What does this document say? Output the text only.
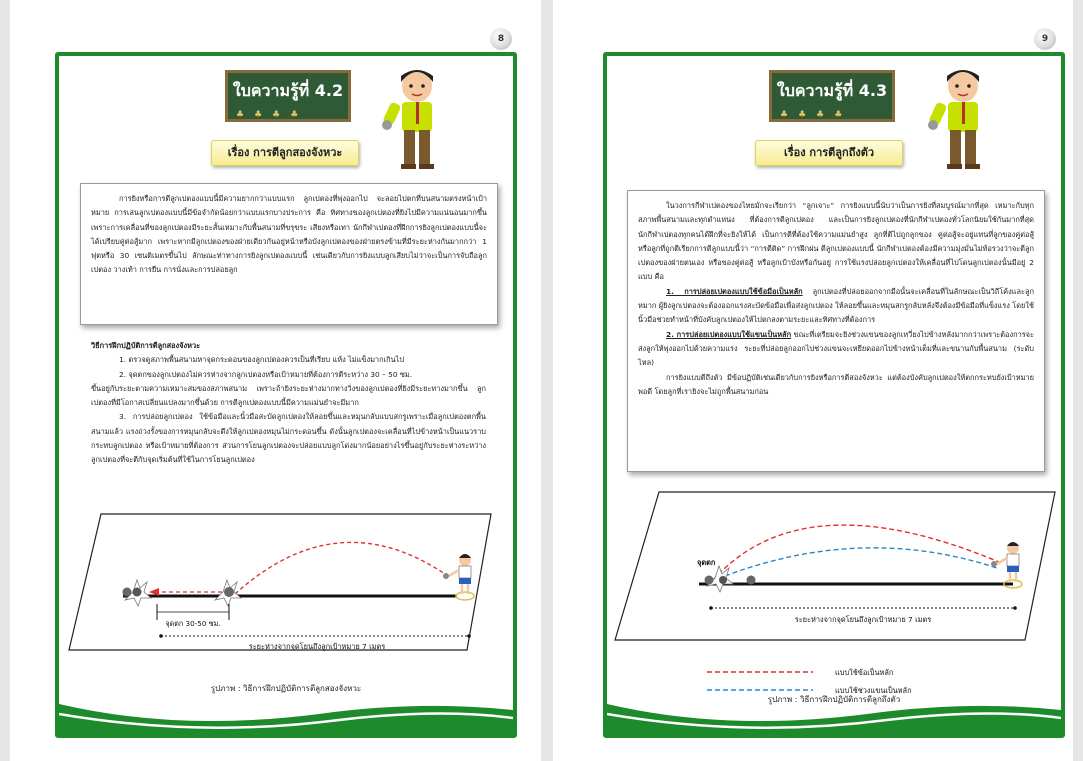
8
ใบความรู้ที่ 4.2
♣♣♣♣
เรื่อง การตีลูกสองจังหวะ

การยิงหรือการตีลูกเปตองแบบนี้มีความยากกว่าแบบแรก ลูกเปตองที่พุ่งออกไป จะลอยไปตกที่บนสนามตรงหน้าเป้าหมาย การเล่นลูกเปตองแบบนี้มีข้อจำกัดน้อยกว่าแบบแรกบางประการ คือ ทิศทางของลูกเปตองที่ยิงไปมีความแน่นอนมากขึ้น เพราะการเคลื่อนที่ของลูกเปตองมีระยะสั้นเหมาะกับพื้นสนามที่ขรุขระ เสียงหรือเทา นักกีฬาเปตองที่ฝึกการยิงลูกเปตองแบบนี้จะได้เปรียบคู่ต่อสู้มาก เพราะหากมีลูกเปตองของฝ่ายเดียวกันอยู่หน้าหรือบังลูกเปตองของฝ่ายตรงข้ามที่มีระยะห่างกันมากกว่า 1 ฟุตหรือ 30 เซนติเมตรขึ้นไป ลักษณะท่าทางการยิงลูกเปตองแบบนี้ เช่นเดียวกับการยิงแบบลูกเสียบไม่ว่าจะเป็นการจับถือลูกเปตอง วางเท้า การยืน การนั่งและการปล่อยลูก

วิธีการฝึกปฏิบัติการตีลูกสองจังหวะ

1. ตรวจดูสภาพพื้นสนามหาจุดกระดอนของลูกเปตองควรเป็นที่เรียบ แห้ง ไม่แข็งมากเกินไป

2. จุดตกของลูกเปตองไม่ควรห่างจากลูกเปตองหรือเป้าหมายที่ต้องการตีระหว่าง 30 – 50 ซม.

ขึ้นอยู่กับระยะตามความเหมาะสมของสภาพสนาม เพราะถ้ายิงระยะห่างมากทางวิ่งของลูกเปตองที่ยิงมีระยะทางมากขึ้น ลูกเปตองที่มีโอกาสเปลี่ยนแปลงมากขึ้นด้วย การตีลูกเปตองแบบนี้มีความแม่นยำจะมีมาก

3. การปล่อยลูกเปตอง ใช้ข้อมือและนิ้วมือสะบัดลูกเปตองให้ลอยขึ้นและหมุนกลับแบบสกรูเพราะเมื่อลูกเปตองตกพื้นสนามแล้ว แรงถ่วงรั้งของการหมุนกลับจะดึงให้ลูกเปตองหมุนไม่กระดอนขึ้น ดังนั้นลูกเปตองจะเคลื่อนที่ไปข้างหน้าเป็นแนวราบกระทบลูกเปตอง หรือเป้าหมายที่ต้องการ ส่วนการโยนลูกเปตองจะปล่อยแบบลูกโด่งมากน้อยอย่างไรขึ้นอยู่กับระยะห่างระหว่างลูกเปตองที่จะตีกับจุดเริ่มต้นที่ใช้ในการโยนลูกเปตอง

จุดตก 30-50 ซม.
ระยะห่างจากจุดโยนถึงลูกเป้าหมาย 7 เมตร
รูปภาพ : วิธีการฝึกปฏิบัติการตีลูกสองจังหวะ
9
ใบความรู้ที่ 4.3
♣♣♣♣
เรื่อง การตีลูกถึงตัว

ในวงการกีฬาเปตองของไทยมักจะเรียกว่า “ลูกเจาะ” การยิงแบบนี้นับว่าเป็นการยิงที่สมบูรณ์มากที่สุด เหมาะกับทุกสภาพพื้นสนามและทุกตำแหน่ง ที่ต้องการตีลูกเปตอง และเป็นการยิงลูกเปตองที่นักกีฬาเปตองทั่วโลกนิยมใช้กันมากที่สุด นักกีฬาเปตองทุกคนได้ฝึกที่จะยิงให้ได้ เป็นการตีที่ต้องใช้ความแม่นยำสูง ลูกที่ตีไปถูกลูกของ คู่ต่อสู้จะอยู่แทนที่ลูกของคู่ต่อสู้หรือลูกที่ถูกตีเรียกการตีลูกแบบนี้ว่า “การตีติด” การฝึกฝน ตีลูกเปตองแบบนี้ นักกีฬาเปตองต้องมีความมุ่งมั่นไม่ท้อรวงว่าจะตีลูกเปตองของฝ่ายตนเอง หรือของคู่ต่อสู้ หรือลูกเป้าบังหรือกันอยู่ การใช้แรงปล่อยลูกเปตองให้เคลื่อนที่ไปโดนลูกเปตองนั้นมีอยู่ 2 แบบ คือ

1. การปล่อยเปตองแบบใช้ข้อมือเป็นหลัก ลูกเปตองที่ปล่อยออกจากมือนั้นจะเคลื่อนที่ในลักษณะเป็นวิถีโค้งและลูกหมาก ผู้ยิงลูกเปตองจะต้องออกแรงสะบัดข้อมือเพื่อส่งลูกเปตอง ให้ลอยขึ้นและหมุนสกรูกลับหลังจึงต้องมีข้อมือที่แข็งแรง โดยใช้นิ้วมือช่วยทำหน้าที่บังคับลูกเปตองให้ไปตกลงตามระยะและทิศทางที่ต้องการ

2. การปล่อยเปตองแบบใช้แขนเป็นหลัก ขณะที่เตรียมจะยิงช่วงแขนของลูกเหวี่ยงไปข้างหลังมากกว่าเพราะต้องการจะส่งลูกให้พุ่งออกไปด้วยความแรง ระยะที่ปล่อยลูกออกไปช่วงแขนจะเหยียดออกไปข้างหน้าเต็มที่และขนานกับพื้นสนาม (ระดับไหล)

การยิงแบบตีถึงตัว มีข้อปฏิบัติเช่นเดียวกับการยิงหรือการตีสองจังหวะ แต่ต้องบังคับลูกเปตองให้ตกกระทบยังเป้าหมายพอดี โดยลูกที่เรายิงจะไม่ถูกพื้นสนามก่อน

จุดตก
ระยะห่างจากจุดโยนถึงลูกเป้าหมาย 7 เมตร
แบบใช้ข้อเป็นหลัก
แบบใช้ช่วงแขนเป็นหลัก
รูปภาพ : วิธีการฝึกปฏิบัติการตีลูกถึงตัว
